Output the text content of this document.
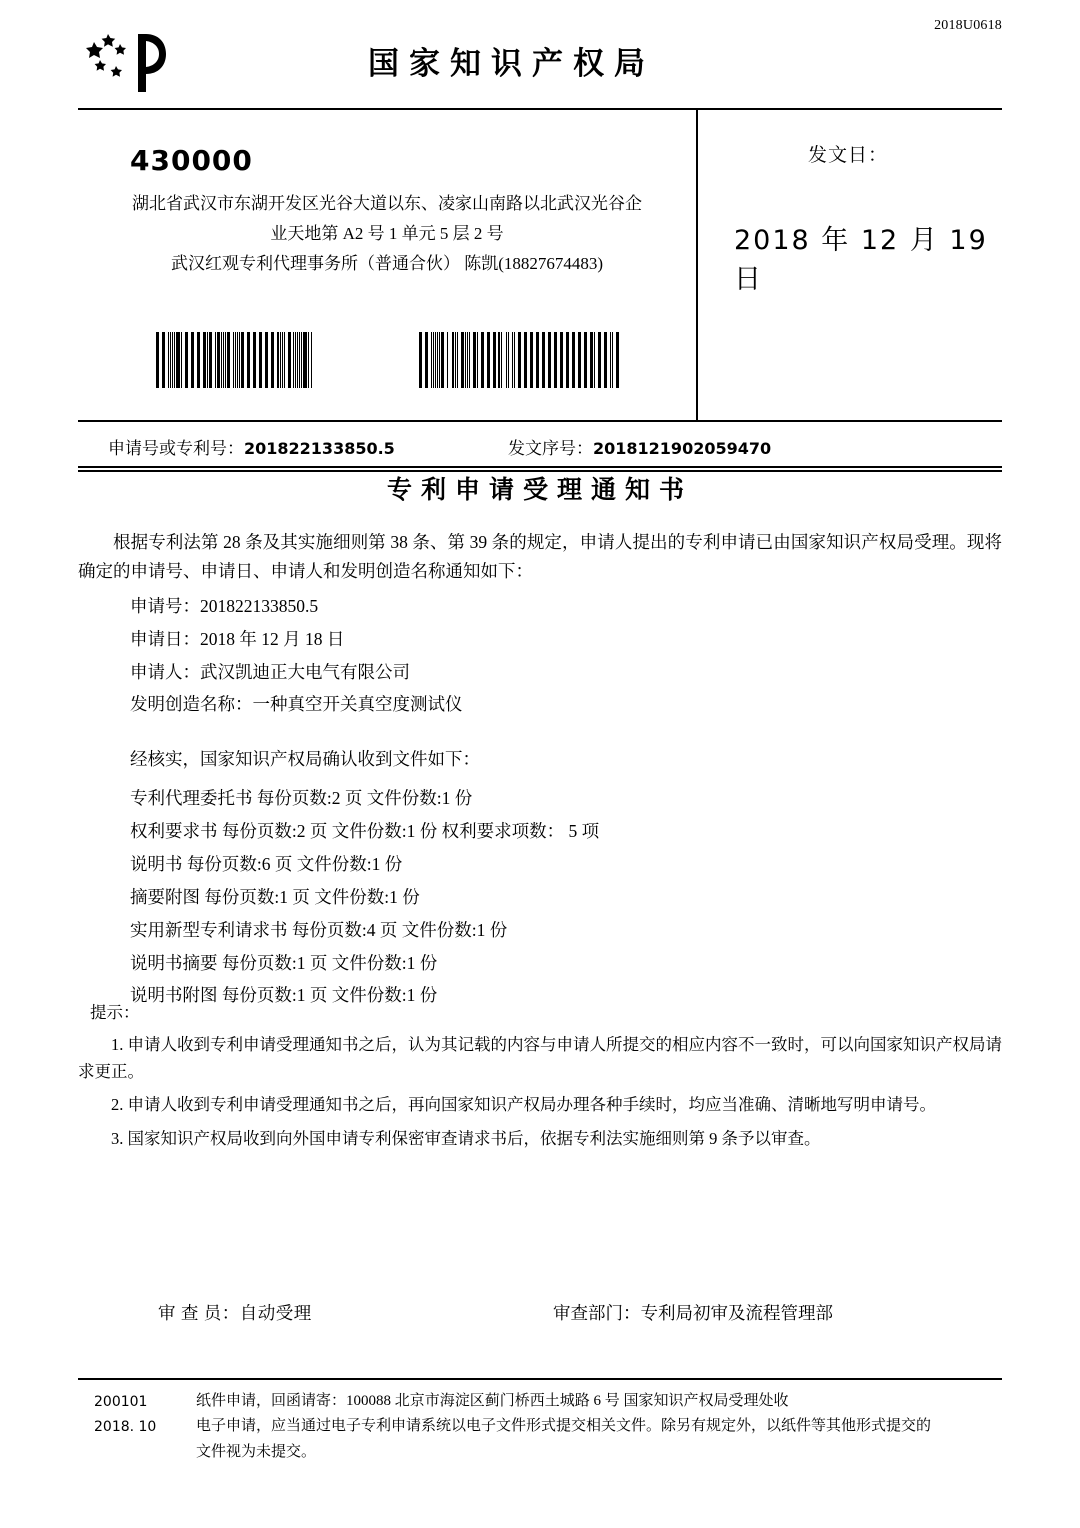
2018U0618
国家知识产权局
430000
湖北省武汉市东湖开发区光谷大道以东、凌家山南路以北武汉光谷企
业天地第 A2 号 1 单元 5 层 2 号
武汉红观专利代理事务所（普通合伙） 陈凯(18827674483)
发文日：
2018 年 12 月 19 日
申请号或专利号：201822133850.5	发文序号：2018121902059470
专利申请受理通知书

根据专利法第 28 条及其实施细则第 38 条、第 39 条的规定，申请人提出的专利申请已由国家知识产权局受理。现将确定的申请号、申请日、申请人和发明创造名称通知如下：

申请号：201822133850.5
申请日：2018 年 12 月 18 日
申请人：武汉凯迪正大电气有限公司
发明创造名称：一种真空开关真空度测试仪
经核实，国家知识产权局确认收到文件如下：
专利代理委托书 每份页数:2 页 文件份数:1 份
权利要求书 每份页数:2 页 文件份数:1 份 权利要求项数： 5 项
说明书 每份页数:6 页 文件份数:1 份
摘要附图 每份页数:1 页 文件份数:1 份
实用新型专利请求书 每份页数:4 页 文件份数:1 份
说明书摘要 每份页数:1 页 文件份数:1 份
说明书附图 每份页数:1 页 文件份数:1 份
提示：
1. 申请人收到专利申请受理通知书之后，认为其记载的内容与申请人所提交的相应内容不一致时，可以向国家知识产权局请求更正。
2. 申请人收到专利申请受理通知书之后，再向国家知识产权局办理各种手续时，均应当准确、清晰地写明申请号。
3. 国家知识产权局收到向外国申请专利保密审查请求书后，依据专利法实施细则第 9 条予以审查。
审 查 员：自动受理	审查部门：专利局初审及流程管理部
200101
2018. 10
纸件申请，回函请寄：100088 北京市海淀区蓟门桥西土城路 6 号 国家知识产权局受理处收
电子申请，应当通过电子专利申请系统以电子文件形式提交相关文件。除另有规定外，以纸件等其他形式提交的
文件视为未提交。
